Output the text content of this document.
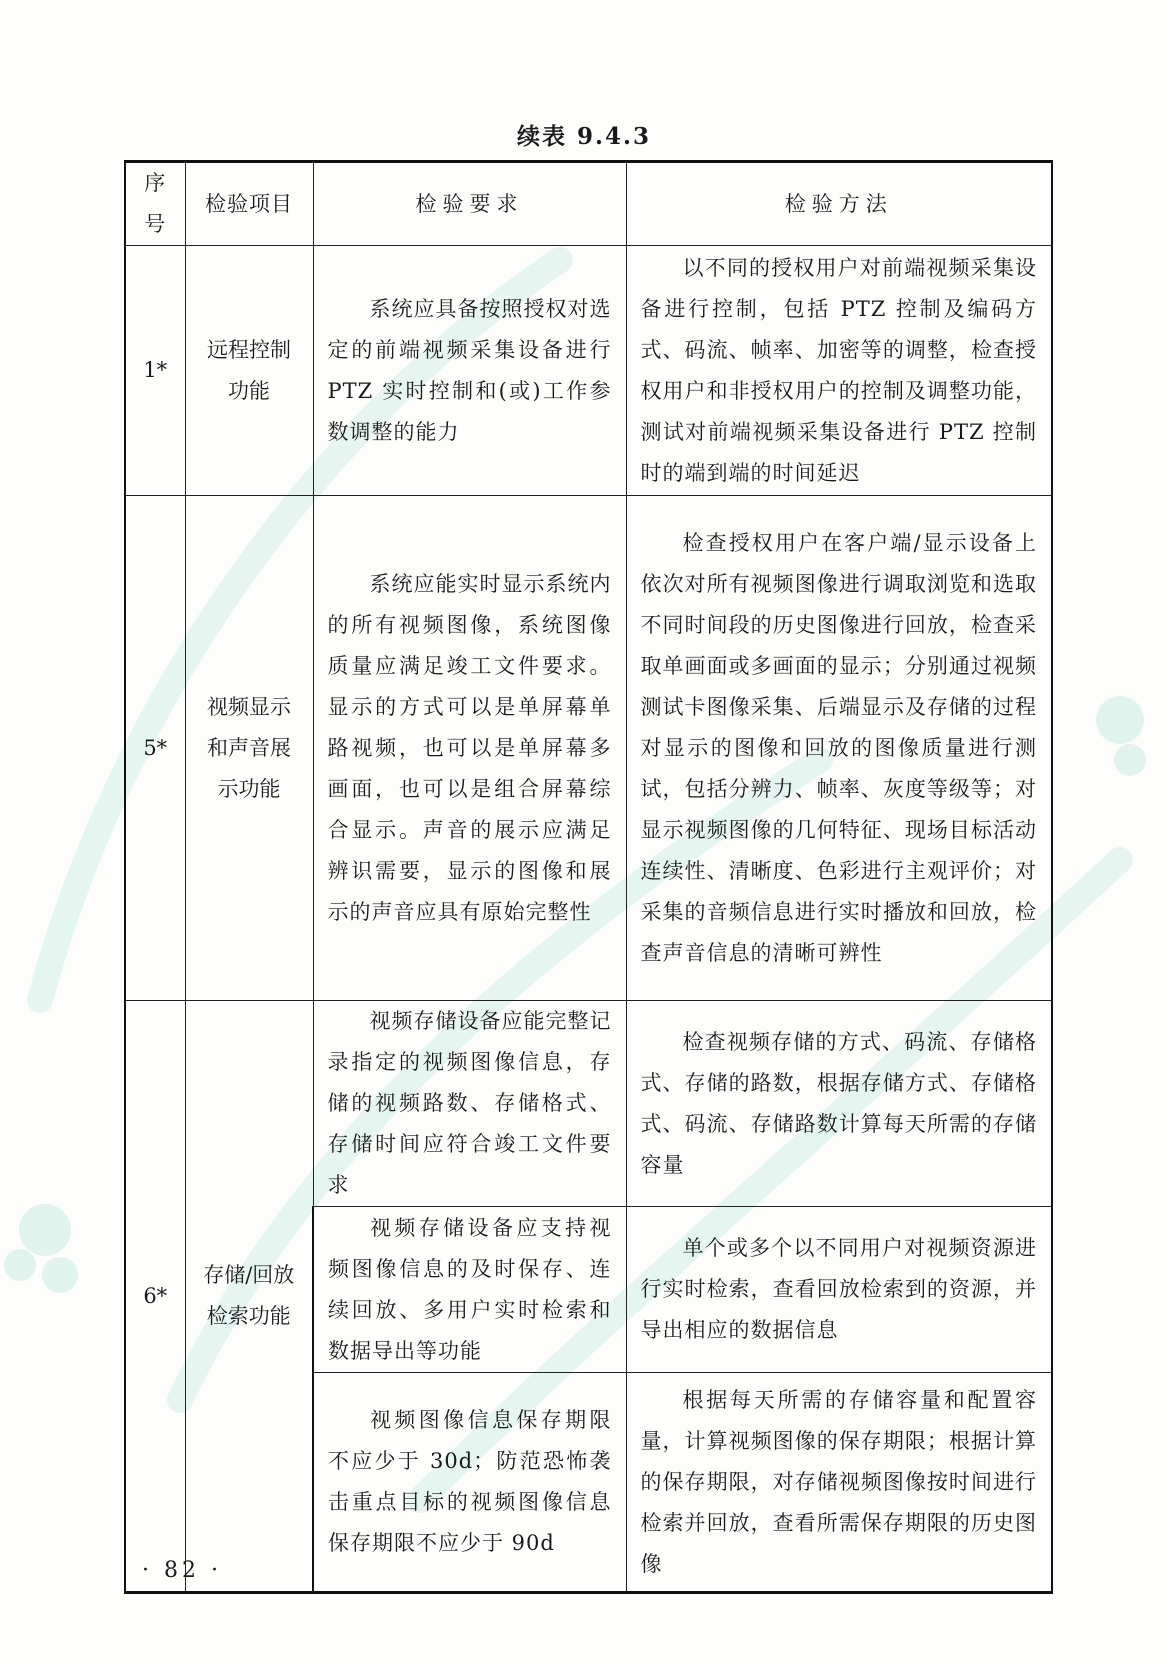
续表 9.4.3
序号	检验项目	检验要求	检验方法
1*	远程控制功能	系统应具备按照授权对选定的前端视频采集设备进行 PTZ 实时控制和(或)工作参数调整的能力	以不同的授权用户对前端视频采集设备进行控制，包括 PTZ 控制及编码方式、码流、帧率、加密等的调整，检查授权用户和非授权用户的控制及调整功能，测试对前端视频采集设备进行 PTZ 控制时的端到端的时间延迟
5*	视频显示和声音展示功能	系统应能实时显示系统内的所有视频图像，系统图像质量应满足竣工文件要求。显示的方式可以是单屏幕单路视频，也可以是单屏幕多画面，也可以是组合屏幕综合显示。声音的展示应满足辨识需要，显示的图像和展示的声音应具有原始完整性	检查授权用户在客户端/显示设备上依次对所有视频图像进行调取浏览和选取不同时间段的历史图像进行回放，检查采取单画面或多画面的显示；分别通过视频测试卡图像采集、后端显示及存储的过程对显示的图像和回放的图像质量进行测试，包括分辨力、帧率、灰度等级等；对显示视频图像的几何特征、现场目标活动连续性、清晰度、色彩进行主观评价；对采集的音频信息进行实时播放和回放，检查声音信息的清晰可辨性
6*	存储/回放检索功能	视频存储设备应能完整记录指定的视频图像信息，存储的视频路数、存储格式、存储时间应符合竣工文件要求	检查视频存储的方式、码流、存储格式、存储的路数，根据存储方式、存储格式、码流、存储路数计算每天所需的存储容量
		视频存储设备应支持视频图像信息的及时保存、连续回放、多用户实时检索和数据导出等功能	单个或多个以不同用户对视频资源进行实时检索，查看回放检索到的资源，并导出相应的数据信息
		视频图像信息保存期限不应少于 30d；防范恐怖袭击重点目标的视频图像信息保存期限不应少于 90d	根据每天所需的存储容量和配置容量，计算视频图像的保存期限；根据计算的保存期限，对存储视频图像按时间进行检索并回放，查看所需保存期限的历史图像
· 82 ·
